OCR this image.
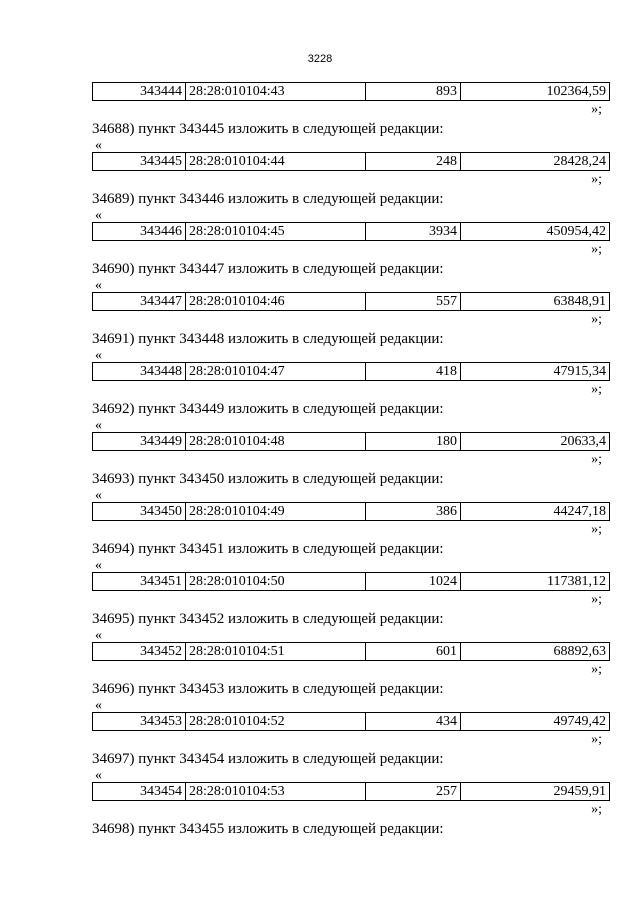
3228
343444	28:28:010104:43	893	102364,59
»;
34688) пункт 343445 изложить в следующей редакции:
«
343445	28:28:010104:44	248	28428,24
»;
34689) пункт 343446 изложить в следующей редакции:
«
343446	28:28:010104:45	3934	450954,42
»;
34690) пункт 343447 изложить в следующей редакции:
«
343447	28:28:010104:46	557	63848,91
»;
34691) пункт 343448 изложить в следующей редакции:
«
343448	28:28:010104:47	418	47915,34
»;
34692) пункт 343449 изложить в следующей редакции:
«
343449	28:28:010104:48	180	20633,4
»;
34693) пункт 343450 изложить в следующей редакции:
«
343450	28:28:010104:49	386	44247,18
»;
34694) пункт 343451 изложить в следующей редакции:
«
343451	28:28:010104:50	1024	117381,12
»;
34695) пункт 343452 изложить в следующей редакции:
«
343452	28:28:010104:51	601	68892,63
»;
34696) пункт 343453 изложить в следующей редакции:
«
343453	28:28:010104:52	434	49749,42
»;
34697) пункт 343454 изложить в следующей редакции:
«
343454	28:28:010104:53	257	29459,91
»;
34698) пункт 343455 изложить в следующей редакции:
